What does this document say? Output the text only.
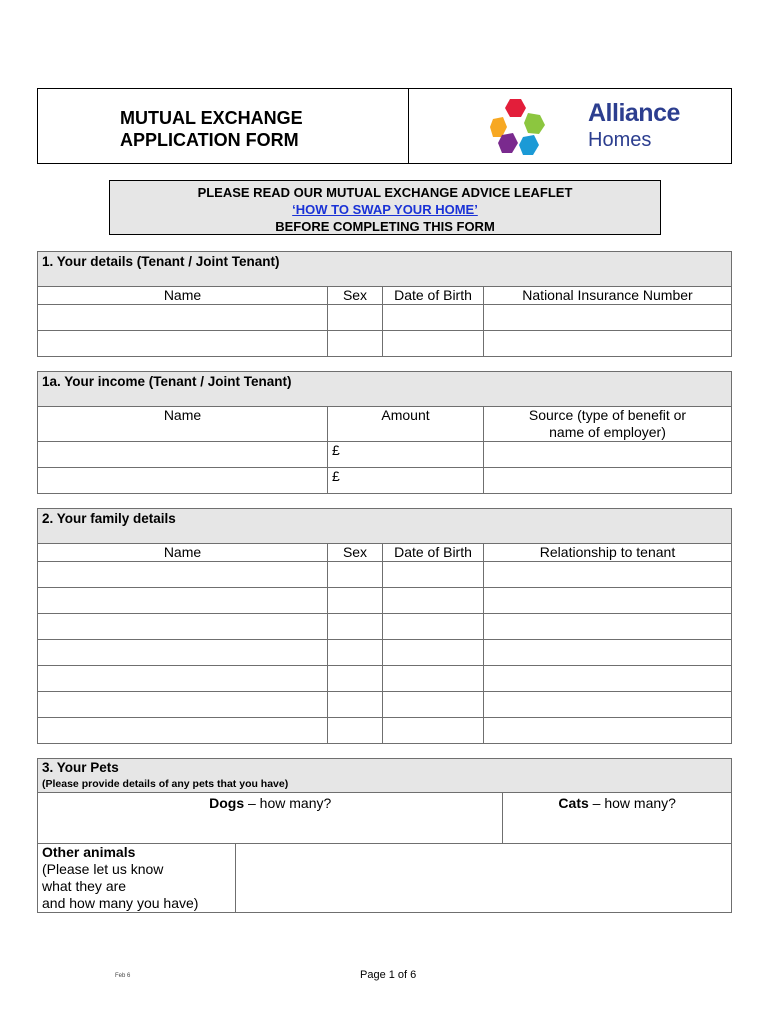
MUTUAL EXCHANGE
APPLICATION FORM
Alliance
Homes
PLEASE READ OUR MUTUAL EXCHANGE ADVICE LEAFLET
‘HOW TO SWAP YOUR HOME’
BEFORE COMPLETING THIS FORM
1. Your details (Tenant / Joint Tenant)			
Name	Sex	Date of Birth	National Insurance Number

1a. Your income (Tenant / Joint Tenant)		
Name	Amount	Source (type of benefit or
name of employer)

	£	
	£	
2. Your family details			
Name	Sex	Date of Birth	Relationship to tenant

3. Your Pets
(Please provide details of any pets that you have)		

Dogs – how many?		Cats – how many?

Other animals
(Please let us know
what they are
and how many you have)		

Feb 6	Page 1 of 6
